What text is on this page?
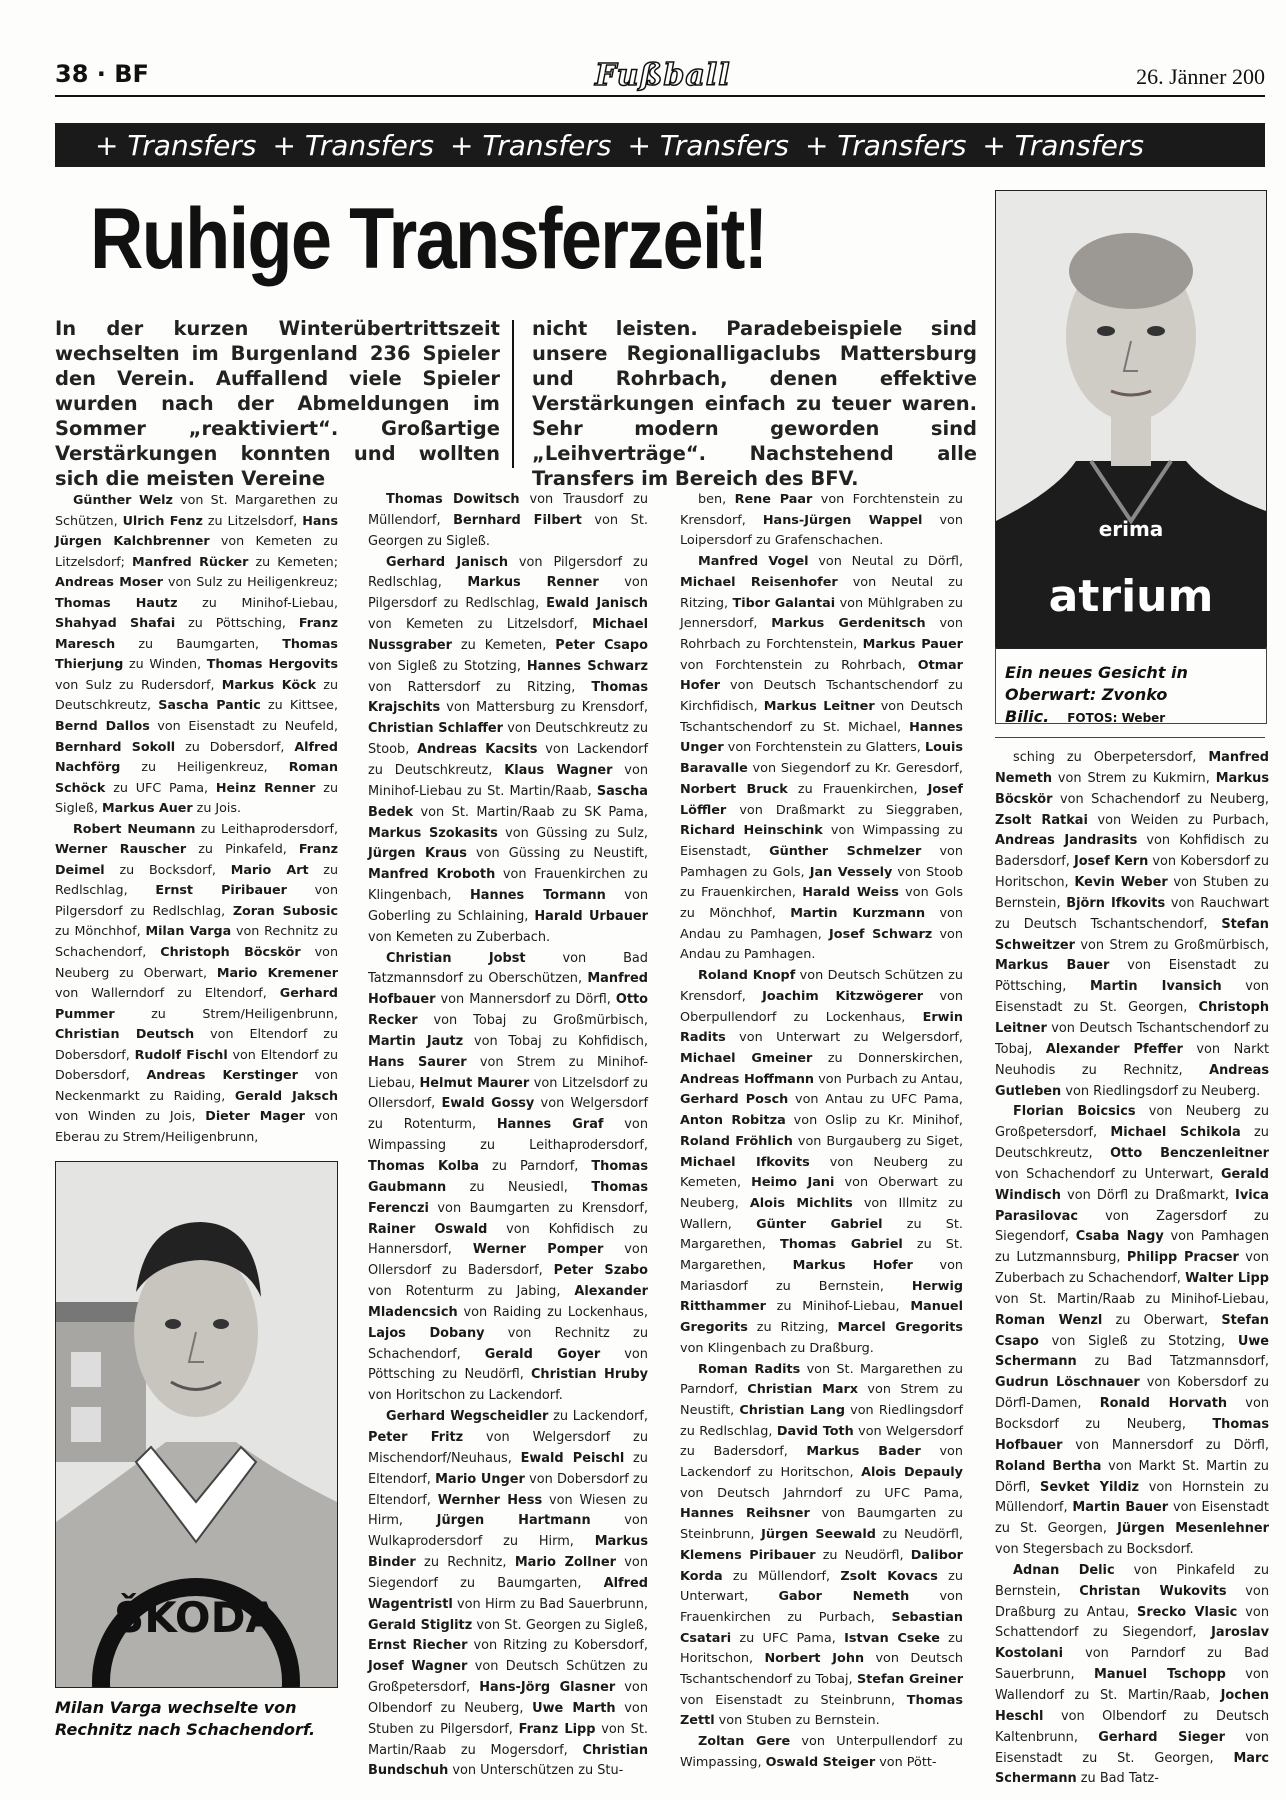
38 · BF	Fußball	26. Jänner 200
+ Transfers + Transfers + Transfers + Transfers + Transfers + Transfers
Ruhige Transferzeit!
In der kurzen Winterübertrittszeit wechselten im Burgenland 236 Spieler den Verein. Auffallend viele Spieler wurden nach der Abmeldungen im Sommer „reaktiviert“. Großartige Verstärkungen konnten und wollten sich die meisten Vereine
nicht leisten. Paradebeispiele sind unsere Regionalligaclubs Mattersburg und Rohrbach, denen effektive Verstärkungen einfach zu teuer waren. Sehr modern geworden sind „Leihverträge“. Nachstehend alle Transfers im Bereich des BFV.
erima
atrium
Ein neues Gesicht in Oberwart: Zvonko Bilic. FOTOS: Weber
ŠKODA
Milan Varga wechselte von Rechnitz nach Schachendorf.

Günther Welz von St. Margarethen zu Schützen, Ulrich Fenz zu Litzelsdorf, Hans Jürgen Kalchbrenner von Kemeten zu Litzelsdorf; Manfred Rücker zu Kemeten; Andreas Moser von Sulz zu Heiligenkreuz; Thomas Hautz zu Minihof-Liebau, Shahyad Shafai zu Pöttsching, Franz Maresch zu Baumgarten, Thomas Thierjung zu Winden, Thomas Hergovits von Sulz zu Rudersdorf, Markus Köck zu Deutschkreutz, Sascha Pantic zu Kittsee, Bernd Dallos von Eisenstadt zu Neufeld, Bernhard Sokoll zu Dobersdorf, Alfred Nachförg zu Heiligenkreuz, Roman Schöck zu UFC Pama, Heinz Renner zu Sigleß, Markus Auer zu Jois.

Robert Neumann zu Leithaprodersdorf, Werner Rauscher zu Pinkafeld, Franz Deimel zu Bocksdorf, Mario Art zu Redlschlag, Ernst Piribauer von Pilgersdorf zu Redlschlag, Zoran Subosic zu Mönchhof, Milan Varga von Rechnitz zu Schachendorf, Christoph Böcskör von Neuberg zu Oberwart, Mario Kremener von Wallerndorf zu Eltendorf, Gerhard Pummer zu Strem/Heiligenbrunn, Christian Deutsch von Eltendorf zu Dobersdorf, Rudolf Fischl von Eltendorf zu Dobersdorf, Andreas Kerstinger von Neckenmarkt zu Raiding, Gerald Jaksch von Winden zu Jois, Dieter Mager von Eberau zu Strem/Heiligenbrunn,

Thomas Dowitsch von Trausdorf zu Müllendorf, Bernhard Filbert von St. Georgen zu Sigleß.

Gerhard Janisch von Pilgersdorf zu Redlschlag, Markus Renner von Pilgersdorf zu Redlschlag, Ewald Janisch von Kemeten zu Litzelsdorf, Michael Nussgraber zu Kemeten, Peter Csapo von Sigleß zu Stotzing, Hannes Schwarz von Rattersdorf zu Ritzing, Thomas Krajschits von Mattersburg zu Krensdorf, Christian Schlaffer von Deutschkreutz zu Stoob, Andreas Kacsits von Lackendorf zu Deutschkreutz, Klaus Wagner von Minihof-Liebau zu St. Martin/Raab, Sascha Bedek von St. Martin/Raab zu SK Pama, Markus Szokasits von Güssing zu Sulz, Jürgen Kraus von Güssing zu Neustift, Manfred Kroboth von Frauenkirchen zu Klingenbach, Hannes Tormann von Goberling zu Schlaining, Harald Urbauer von Kemeten zu Zuberbach.

Christian Jobst von Bad Tatzmannsdorf zu Oberschützen, Manfred Hofbauer von Mannersdorf zu Dörfl, Otto Recker von Tobaj zu Großmürbisch, Martin Jautz von Tobaj zu Kohfidisch, Hans Saurer von Strem zu Minihof-Liebau, Helmut Maurer von Litzelsdorf zu Ollersdorf, Ewald Gossy von Welgersdorf zu Rotenturm, Hannes Graf von Wimpassing zu Leithaprodersdorf, Thomas Kolba zu Parndorf, Thomas Gaubmann zu Neusiedl, Thomas Ferenczi von Baumgarten zu Krensdorf, Rainer Oswald von Kohfidisch zu Hannersdorf, Werner Pomper von Ollersdorf zu Badersdorf, Peter Szabo von Rotenturm zu Jabing, Alexander Mladencsich von Raiding zu Lockenhaus, Lajos Dobany von Rechnitz zu Schachendorf, Gerald Goyer von Pöttsching zu Neudörfl, Christian Hruby von Horitschon zu Lackendorf.

Gerhard Wegscheidler zu Lackendorf, Peter Fritz von Welgersdorf zu Mischendorf/Neuhaus, Ewald Peischl zu Eltendorf, Mario Unger von Dobersdorf zu Eltendorf, Wernher Hess von Wiesen zu Hirm, Jürgen Hartmann von Wulkaprodersdorf zu Hirm, Markus Binder zu Rechnitz, Mario Zollner von Siegendorf zu Baumgarten, Alfred Wagentristl von Hirm zu Bad Sauerbrunn, Gerald Stiglitz von St. Georgen zu Sigleß, Ernst Riecher von Ritzing zu Kobersdorf, Josef Wagner von Deutsch Schützen zu Großpetersdorf, Hans-Jörg Glasner von Olbendorf zu Neuberg, Uwe Marth von Stuben zu Pilgersdorf, Franz Lipp von St. Martin/Raab zu Mogersdorf, Christian Bundschuh von Unterschützen zu Stu-

ben, Rene Paar von Forchtenstein zu Krensdorf, Hans-Jürgen Wappel von Loipersdorf zu Grafenschachen.

Manfred Vogel von Neutal zu Dörfl, Michael Reisenhofer von Neutal zu Ritzing, Tibor Galantai von Mühlgraben zu Jennersdorf, Markus Gerdenitsch von Rohrbach zu Forchtenstein, Markus Pauer von Forchtenstein zu Rohrbach, Otmar Hofer von Deutsch Tschantschendorf zu Kirchfidisch, Markus Leitner von Deutsch Tschantschendorf zu St. Michael, Hannes Unger von Forchtenstein zu Glatters, Louis Baravalle von Siegendorf zu Kr. Geresdorf, Norbert Bruck zu Frauenkirchen, Josef Löffler von Draßmarkt zu Sieggraben, Richard Heinschink von Wimpassing zu Eisenstadt, Günther Schmelzer von Pamhagen zu Gols, Jan Vessely von Stoob zu Frauenkirchen, Harald Weiss von Gols zu Mönchhof, Martin Kurzmann von Andau zu Pamhagen, Josef Schwarz von Andau zu Pamhagen.

Roland Knopf von Deutsch Schützen zu Krensdorf, Joachim Kitzwögerer von Oberpullendorf zu Lockenhaus, Erwin Radits von Unterwart zu Welgersdorf, Michael Gmeiner zu Donnerskirchen, Andreas Hoffmann von Purbach zu Antau, Gerhard Posch von Antau zu UFC Pama, Anton Robitza von Oslip zu Kr. Minihof, Roland Fröhlich von Burgauberg zu Siget, Michael Ifkovits von Neuberg zu Kemeten, Heimo Jani von Oberwart zu Neuberg, Alois Michlits von Illmitz zu Wallern, Günter Gabriel zu St. Margarethen, Thomas Gabriel zu St. Margarethen, Markus Hofer von Mariasdorf zu Bernstein, Herwig Ritthammer zu Minihof-Liebau, Manuel Gregorits zu Ritzing, Marcel Gregorits von Klingenbach zu Draßburg.

Roman Radits von St. Margarethen zu Parndorf, Christian Marx von Strem zu Neustift, Christian Lang von Riedlingsdorf zu Redlschlag, David Toth von Welgersdorf zu Badersdorf, Markus Bader von Lackendorf zu Horitschon, Alois Depauly von Deutsch Jahrndorf zu UFC Pama, Hannes Reihsner von Baumgarten zu Steinbrunn, Jürgen Seewald zu Neudörfl, Klemens Piribauer zu Neudörfl, Dalibor Korda zu Müllendorf, Zsolt Kovacs zu Unterwart, Gabor Nemeth von Frauenkirchen zu Purbach, Sebastian Csatari zu UFC Pama, Istvan Cseke zu Horitschon, Norbert John von Deutsch Tschantschendorf zu Tobaj, Stefan Greiner von Eisenstadt zu Steinbrunn, Thomas Zettl von Stuben zu Bernstein.

Zoltan Gere von Unterpullendorf zu Wimpassing, Oswald Steiger von Pött-

sching zu Oberpetersdorf, Manfred Nemeth von Strem zu Kukmirn, Markus Böcskör von Schachendorf zu Neuberg, Zsolt Ratkai von Weiden zu Purbach, Andreas Jandrasits von Kohfidisch zu Badersdorf, Josef Kern von Kobersdorf zu Horitschon, Kevin Weber von Stuben zu Bernstein, Björn Ifkovits von Rauchwart zu Deutsch Tschantschendorf, Stefan Schweitzer von Strem zu Großmürbisch, Markus Bauer von Eisenstadt zu Pöttsching, Martin Ivansich von Eisenstadt zu St. Georgen, Christoph Leitner von Deutsch Tschantschendorf zu Tobaj, Alexander Pfeffer von Narkt Neuhodis zu Rechnitz, Andreas Gutleben von Riedlingsdorf zu Neuberg.

Florian Boicsics von Neuberg zu Großpetersdorf, Michael Schikola zu Deutschkreutz, Otto Benczenleitner von Schachendorf zu Unterwart, Gerald Windisch von Dörfl zu Draßmarkt, Ivica Parasilovac von Zagersdorf zu Siegendorf, Csaba Nagy von Pamhagen zu Lutzmannsburg, Philipp Pracser von Zuberbach zu Schachendorf, Walter Lipp von St. Martin/Raab zu Minihof-Liebau, Roman Wenzl zu Oberwart, Stefan Csapo von Sigleß zu Stotzing, Uwe Schermann zu Bad Tatzmannsdorf, Gudrun Löschnauer von Kobersdorf zu Dörfl-Damen, Ronald Horvath von Bocksdorf zu Neuberg, Thomas Hofbauer von Mannersdorf zu Dörfl, Roland Bertha von Markt St. Martin zu Dörfl, Sevket Yildiz von Hornstein zu Müllendorf, Martin Bauer von Eisenstadt zu St. Georgen, Jürgen Mesenlehner von Stegersbach zu Bocksdorf.

Adnan Delic von Pinkafeld zu Bernstein, Christan Wukovits von Draßburg zu Antau, Srecko Vlasic von Schattendorf zu Siegendorf, Jaroslav Kostolani von Parndorf zu Bad Sauerbrunn, Manuel Tschopp von Wallendorf zu St. Martin/Raab, Jochen Heschl von Olbendorf zu Deutsch Kaltenbrunn, Gerhard Sieger von Eisenstadt zu St. Georgen, Marc Schermann zu Bad Tatz-
